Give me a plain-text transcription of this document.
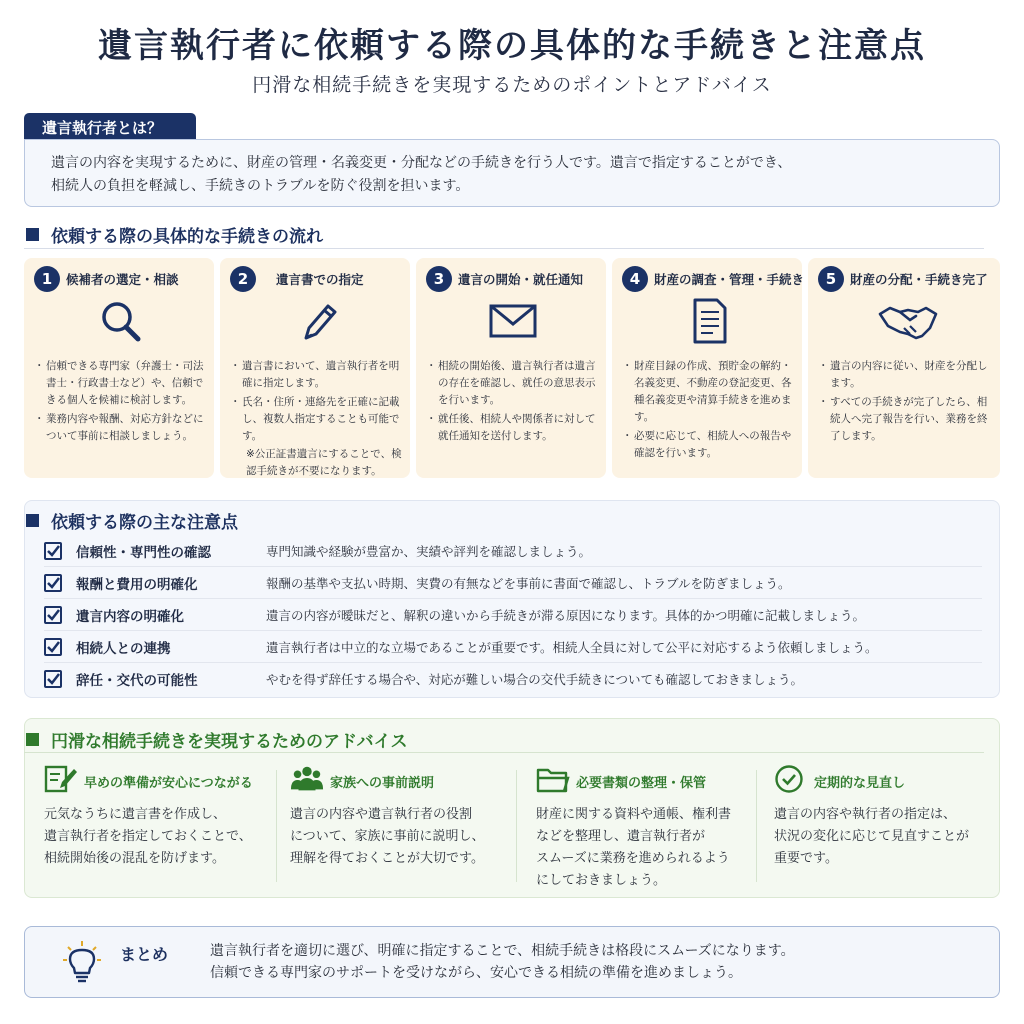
遺言執行者に依頼する際の具体的な手続きと注意点
円滑な相続手続きを実現するためのポイントとアドバイス
遺言執行者とは？
遺言の内容を実現するために、財産の管理・名義変更・分配などの手続きを行う人です。遺言で指定することができ、
相続人の負担を軽減し、手続きのトラブルを防ぐ役割を担います。
依頼する際の具体的な手続きの流れ
1	候補者の選定・相談
・ 信頼できる専門家（弁護士・司法書士・行政書士など）や、信頼できる個人を候補に検討します。
・ 業務内容や報酬、対応方針などについて事前に相談しましょう。
2	遺言書での指定
・ 遺言書において、遺言執行者を明確に指定します。
・ 氏名・住所・連絡先を正確に記載し、複数人指定することも可能です。
※公正証書遺言にすることで、検認手続きが不要になります。
3	遺言の開始・就任通知
・ 相続の開始後、遺言執行者は遺言の存在を確認し、就任の意思表示を行います。
・ 就任後、相続人や関係者に対して就任通知を送付します。
4	財産の調査・管理・手続き
・ 財産目録の作成、預貯金の解約・名義変更、不動産の登記変更、各種名義変更や清算手続きを進めます。
・ 必要に応じて、相続人への報告や確認を行います。
5	財産の分配・手続き完了
・ 遺言の内容に従い、財産を分配します。
・ すべての手続きが完了したら、相続人へ完了報告を行い、業務を終了します。
依頼する際の主な注意点
信頼性・専門性の確認	専門知識や経験が豊富か、実績や評判を確認しましょう。
報酬と費用の明確化	報酬の基準や支払い時期、実費の有無などを事前に書面で確認し、トラブルを防ぎましょう。
遺言内容の明確化	遺言の内容が曖昧だと、解釈の違いから手続きが滞る原因になります。具体的かつ明確に記載しましょう。
相続人との連携	遺言執行者は中立的な立場であることが重要です。相続人全員に対して公平に対応するよう依頼しましょう。
辞任・交代の可能性	やむを得ず辞任する場合や、対応が難しい場合の交代手続きについても確認しておきましょう。
円滑な相続手続きを実現するためのアドバイス
早めの準備が安心につながる
元気なうちに遺言書を作成し、
遺言執行者を指定しておくことで、
相続開始後の混乱を防げます。
家族への事前説明
遺言の内容や遺言執行者の役割
について、家族に事前に説明し、
理解を得ておくことが大切です。
必要書類の整理・保管
財産に関する資料や通帳、権利書
などを整理し、遺言執行者が
スムーズに業務を進められるよう
にしておきましょう。
定期的な見直し
遺言の内容や執行者の指定は、
状況の変化に応じて見直すことが
重要です。
まとめ	遺言執行者を適切に選び、明確に指定することで、相続手続きは格段にスムーズになります。
信頼できる専門家のサポートを受けながら、安心できる相続の準備を進めましょう。
